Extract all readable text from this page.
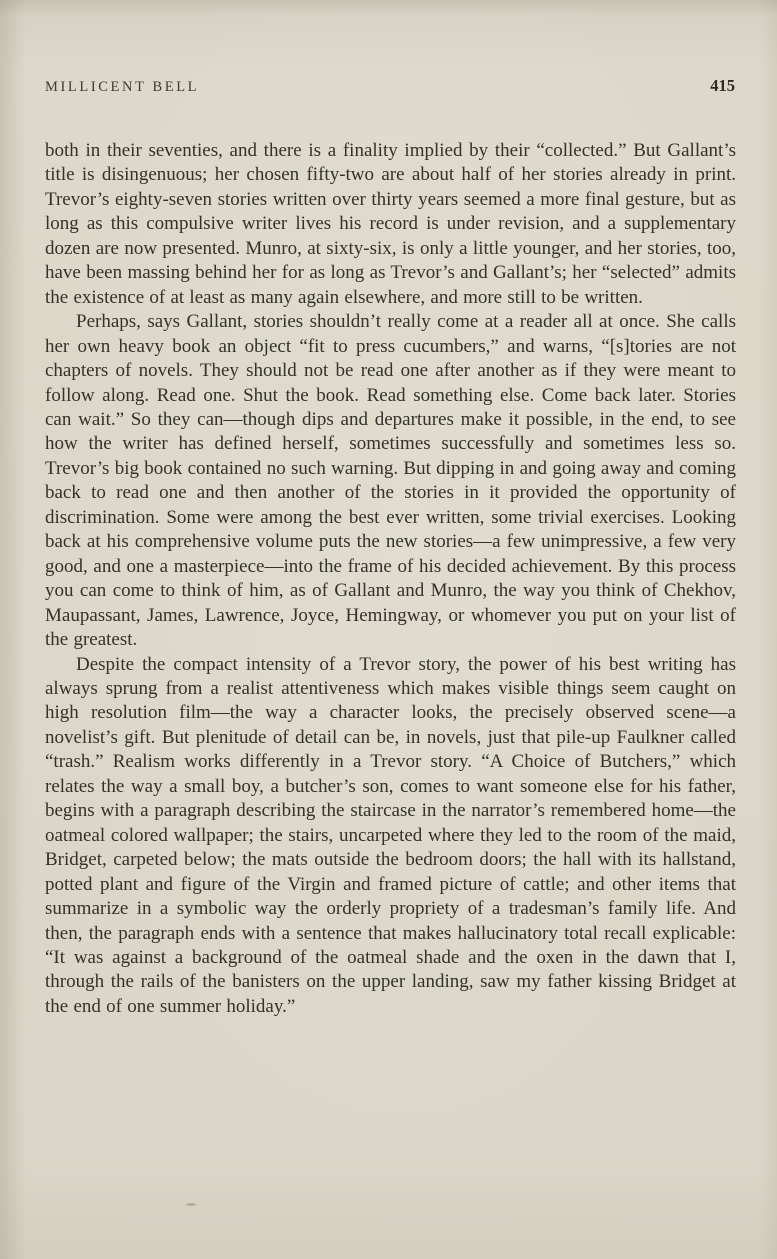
MILLICENT BELL	415

both in their seventies, and there is a finality implied by their “collected.” But Gallant’s title is disingenuous; her chosen fifty-two are about half of her stories already in print. Trevor’s eighty-seven stories written over thirty years seemed a more final gesture, but as long as this compulsive writer lives his record is under revision, and a supplementary dozen are now presented. Munro, at sixty-six, is only a little younger, and her stories, too, have been massing behind her for as long as Trevor’s and Gallant’s; her “selected” admits the existence of at least as many again elsewhere, and more still to be written.

Perhaps, says Gallant, stories shouldn’t really come at a reader all at once. She calls her own heavy book an object “fit to press cucumbers,” and warns, “[s]tories are not chapters of novels. They should not be read one after another as if they were meant to follow along. Read one. Shut the book. Read something else. Come back later. Stories can wait.” So they can—though dips and departures make it possible, in the end, to see how the writer has defined herself, sometimes successfully and sometimes less so. Trevor’s big book contained no such warning. But dipping in and going away and coming back to read one and then another of the stories in it provided the opportunity of discrimination. Some were among the best ever written, some trivial exercises. Looking back at his comprehensive volume puts the new stories—a few unimpressive, a few very good, and one a masterpiece—into the frame of his decided achievement. By this process you can come to think of him, as of Gallant and Munro, the way you think of Chekhov, Maupassant, James, Lawrence, Joyce, Hemingway, or whomever you put on your list of the greatest.

Despite the compact intensity of a Trevor story, the power of his best writing has always sprung from a realist attentiveness which makes visible things seem caught on high resolution film—the way a character looks, the precisely observed scene—a novelist’s gift. But plenitude of detail can be, in novels, just that pile-up Faulkner called “trash.” Realism works differently in a Trevor story. “A Choice of Butchers,” which relates the way a small boy, a butcher’s son, comes to want someone else for his father, begins with a paragraph describing the staircase in the narrator’s remembered home—the oatmeal colored wallpaper; the stairs, uncarpeted where they led to the room of the maid, Bridget, carpeted below; the mats outside the bedroom doors; the hall with its hallstand, potted plant and figure of the Virgin and framed picture of cattle; and other items that summarize in a symbolic way the orderly propriety of a tradesman’s family life. And then, the paragraph ends with a sentence that makes hallucinatory total recall explicable: “It was against a background of the oatmeal shade and the oxen in the dawn that I, through the rails of the banisters on the upper landing, saw my father kissing Bridget at the end of one summer holiday.”
